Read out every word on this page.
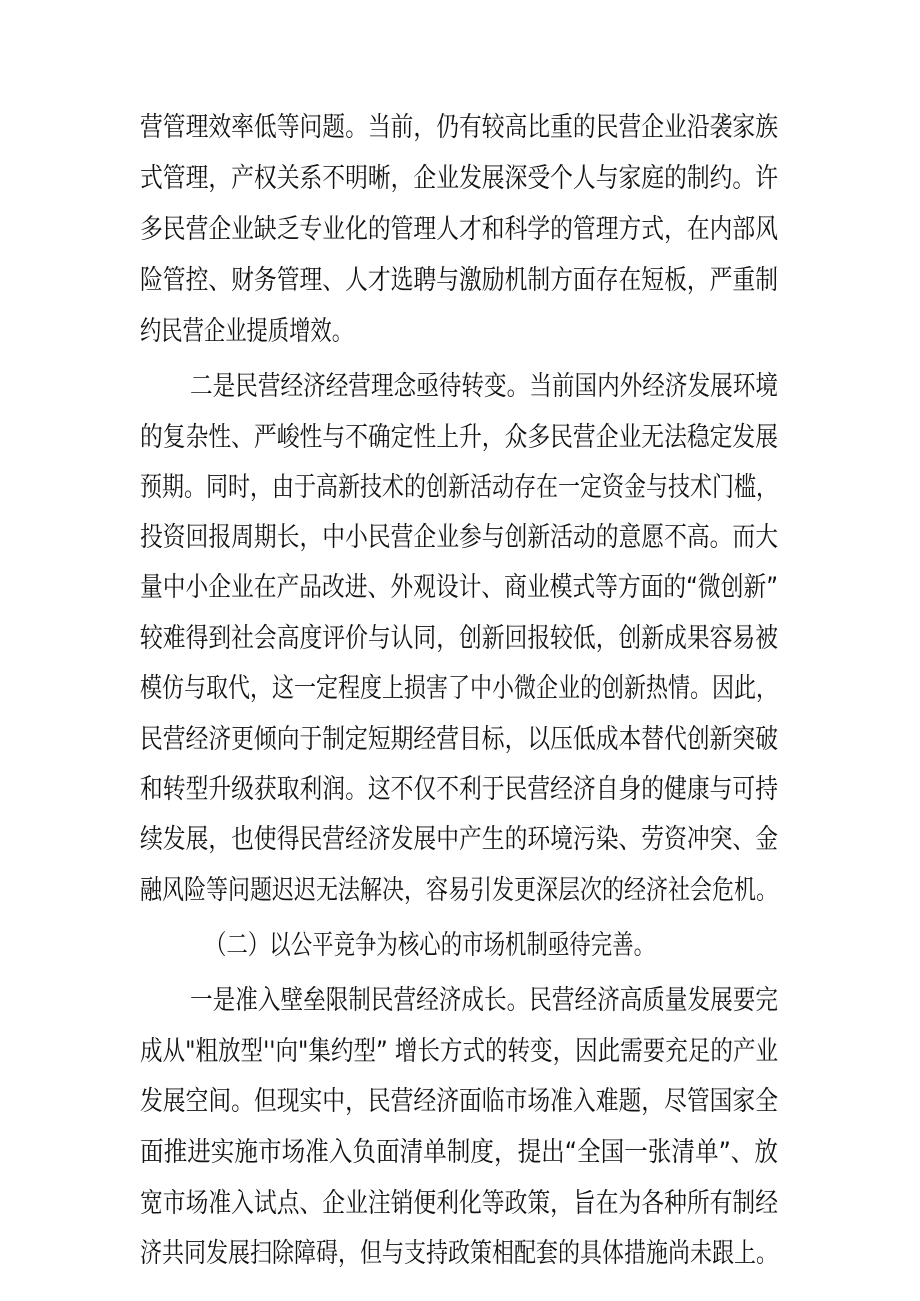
营管理效率低等问题。当前，仍有较高比重的民营企业沿袭家族
式管理，产权关系不明晰，企业发展深受个人与家庭的制约。许
多民营企业缺乏专业化的管理人才和科学的管理方式，在内部风
险管控、财务管理、人才选聘与激励机制方面存在短板，严重制
约民营企业提质增效。
二是民营经济经营理念亟待转变。当前国内外经济发展环境
的复杂性、严峻性与不确定性上升，众多民营企业无法稳定发展
预期。同时，由于高新技术的创新活动存在一定资金与技术门槛，
投资回报周期长，中小民营企业参与创新活动的意愿不高。而大
量中小企业在产品改进、外观设计、商业模式等方面的“微创新”
较难得到社会高度评价与认同，创新回报较低，创新成果容易被
模仿与取代，这一定程度上损害了中小微企业的创新热情。因此，
民营经济更倾向于制定短期经营目标，以压低成本替代创新突破
和转型升级获取利润。这不仅不利于民营经济自身的健康与可持
续发展，也使得民营经济发展中产生的环境污染、劳资冲突、金
融风险等问题迟迟无法解决，容易引发更深层次的经济社会危机。
（二）以公平竞争为核心的市场机制亟待完善。
一是准入壁垒限制民营经济成长。民营经济高质量发展要完
成从"粗放型''向"集约型” 增长方式的转变，因此需要充足的产业
发展空间。但现实中，民营经济面临市场准入难题，尽管国家全
面推进实施市场准入负面清单制度，提出“全国一张清单”、放
宽市场准入试点、企业注销便利化等政策，旨在为各种所有制经
济共同发展扫除障碍，但与支持政策相配套的具体措施尚未跟上。
